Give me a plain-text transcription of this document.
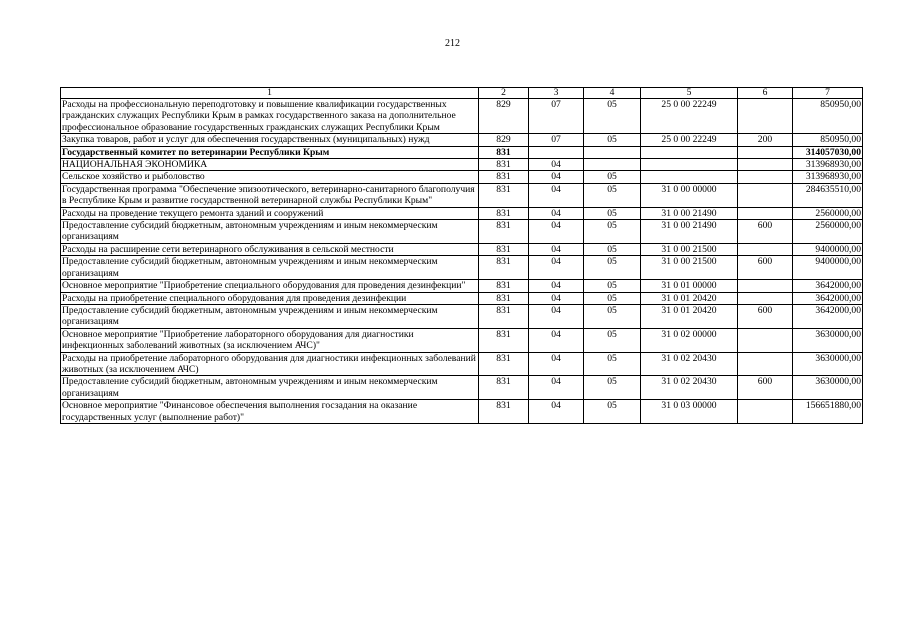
212
1	2	3	4	5	6	7
Расходы на профессиональную переподготовку и повышение квалификации государственных гражданских служащих Республики Крым в рамках государственного заказа на дополнительное профессиональное образование государственных гражданских служащих Республики Крым	829	07	05	25 0 00 22249		850950,00
Закупка товаров, работ и услуг для обеспечения государственных (муниципальных) нужд	829	07	05	25 0 00 22249	200	850950,00
Государственный комитет по ветеринарии Республики Крым	831					314057030,00
НАЦИОНАЛЬНАЯ ЭКОНОМИКА	831	04				313968930,00
Сельское хозяйство и рыболовство	831	04	05			313968930,00
Государственная программа "Обеспечение эпизоотического, ветеринарно-санитарного благополучия в Республике Крым и развитие государственной ветеринарной службы Республики Крым"	831	04	05	31 0 00 00000		284635510,00
Расходы на проведение текущего ремонта зданий и сооружений	831	04	05	31 0 00 21490		2560000,00
Предоставление субсидий бюджетным, автономным учреждениям и иным некоммерческим организациям	831	04	05	31 0 00 21490	600	2560000,00
Расходы на расширение сети ветеринарного обслуживания в сельской местности	831	04	05	31 0 00 21500		9400000,00
Предоставление субсидий бюджетным, автономным учреждениям и иным некоммерческим организациям	831	04	05	31 0 00 21500	600	9400000,00
Основное мероприятие "Приобретение специального оборудования для проведения дезинфекции"	831	04	05	31 0 01 00000		3642000,00
Расходы на приобретение специального оборудования для проведения дезинфекции	831	04	05	31 0 01 20420		3642000,00
Предоставление субсидий бюджетным, автономным учреждениям и иным некоммерческим организациям	831	04	05	31 0 01 20420	600	3642000,00
Основное мероприятие "Приобретение лабораторного оборудования для диагностики инфекционных заболеваний животных (за исключением АЧС)"	831	04	05	31 0 02 00000		3630000,00
Расходы на приобретение лабораторного оборудования для диагностики инфекционных заболеваний животных (за исключением АЧС)	831	04	05	31 0 02 20430		3630000,00
Предоставление субсидий бюджетным, автономным учреждениям и иным некоммерческим организациям	831	04	05	31 0 02 20430	600	3630000,00
Основное мероприятие "Финансовое обеспечения выполнения госзадания на оказание государственных услуг (выполнение работ)"	831	04	05	31 0 03 00000		156651880,00
